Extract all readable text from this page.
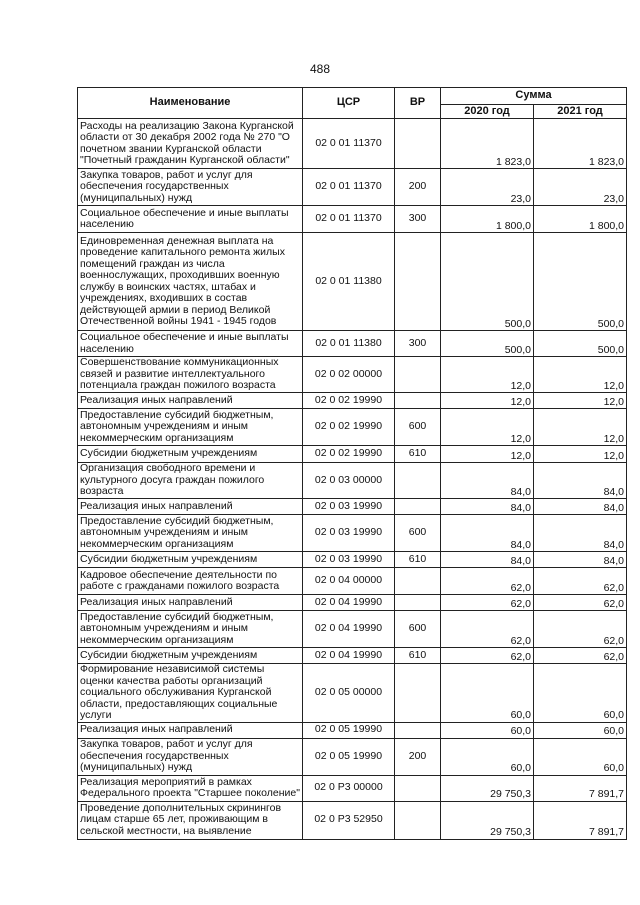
488
Наименование	ЦСР	ВР	Сумма	
			2020 год	2021 год
Расходы на реализацию Закона Курганской области от 30 декабря 2002 года № 270 "О почетном звании Курганской области "Почетный гражданин Курганской области"	02 0 01 11370		1 823,0	1 823,0
Закупка товаров, работ и услуг для обеспечения государственных (муниципальных) нужд	02 0 01 11370	200	23,0	23,0
Социальное обеспечение и иные выплаты населению	02 0 01 11370	300	1 800,0	1 800,0
Единовременная денежная выплата на проведение капитального ремонта жилых помещений граждан из числа военнослужащих, проходивших военную службу в воинских частях, штабах и учреждениях, входивших в состав действующей армии в период Великой Отечественной войны 1941 - 1945 годов	02 0 01 11380		500,0	500,0
Социальное обеспечение и иные выплаты населению	02 0 01 11380	300	500,0	500,0
Совершенствование коммуникационных связей и развитие интеллектуального потенциала граждан пожилого возраста	02 0 02 00000		12,0	12,0
Реализация иных направлений	02 0 02 19990		12,0	12,0
Предоставление субсидий бюджетным, автономным учреждениям и иным некоммерческим организациям	02 0 02 19990	600	12,0	12,0
Субсидии бюджетным учреждениям	02 0 02 19990	610	12,0	12,0
Организация свободного времени и культурного досуга граждан пожилого возраста	02 0 03 00000		84,0	84,0
Реализация иных направлений	02 0 03 19990		84,0	84,0
Предоставление субсидий бюджетным, автономным учреждениям и иным некоммерческим организациям	02 0 03 19990	600	84,0	84,0
Субсидии бюджетным учреждениям	02 0 03 19990	610	84,0	84,0
Кадровое обеспечение деятельности по работе с гражданами пожилого возраста	02 0 04 00000		62,0	62,0
Реализация иных направлений	02 0 04 19990		62,0	62,0
Предоставление субсидий бюджетным, автономным учреждениям и иным некоммерческим организациям	02 0 04 19990	600	62,0	62,0
Субсидии бюджетным учреждениям	02 0 04 19990	610	62,0	62,0
Формирование независимой системы оценки качества работы организаций социального обслуживания Курганской области, предоставляющих социальные услуги	02 0 05 00000		60,0	60,0
Реализация иных направлений	02 0 05 19990		60,0	60,0
Закупка товаров, работ и услуг для обеспечения государственных (муниципальных) нужд	02 0 05 19990	200	60,0	60,0
Реализация мероприятий в рамках Федерального проекта "Старшее поколение"	02 0 P3 00000		29 750,3	7 891,7
Проведение дополнительных скринингов лицам старше 65 лет, проживающим в сельской местности, на выявление	02 0 P3 52950		29 750,3	7 891,7
